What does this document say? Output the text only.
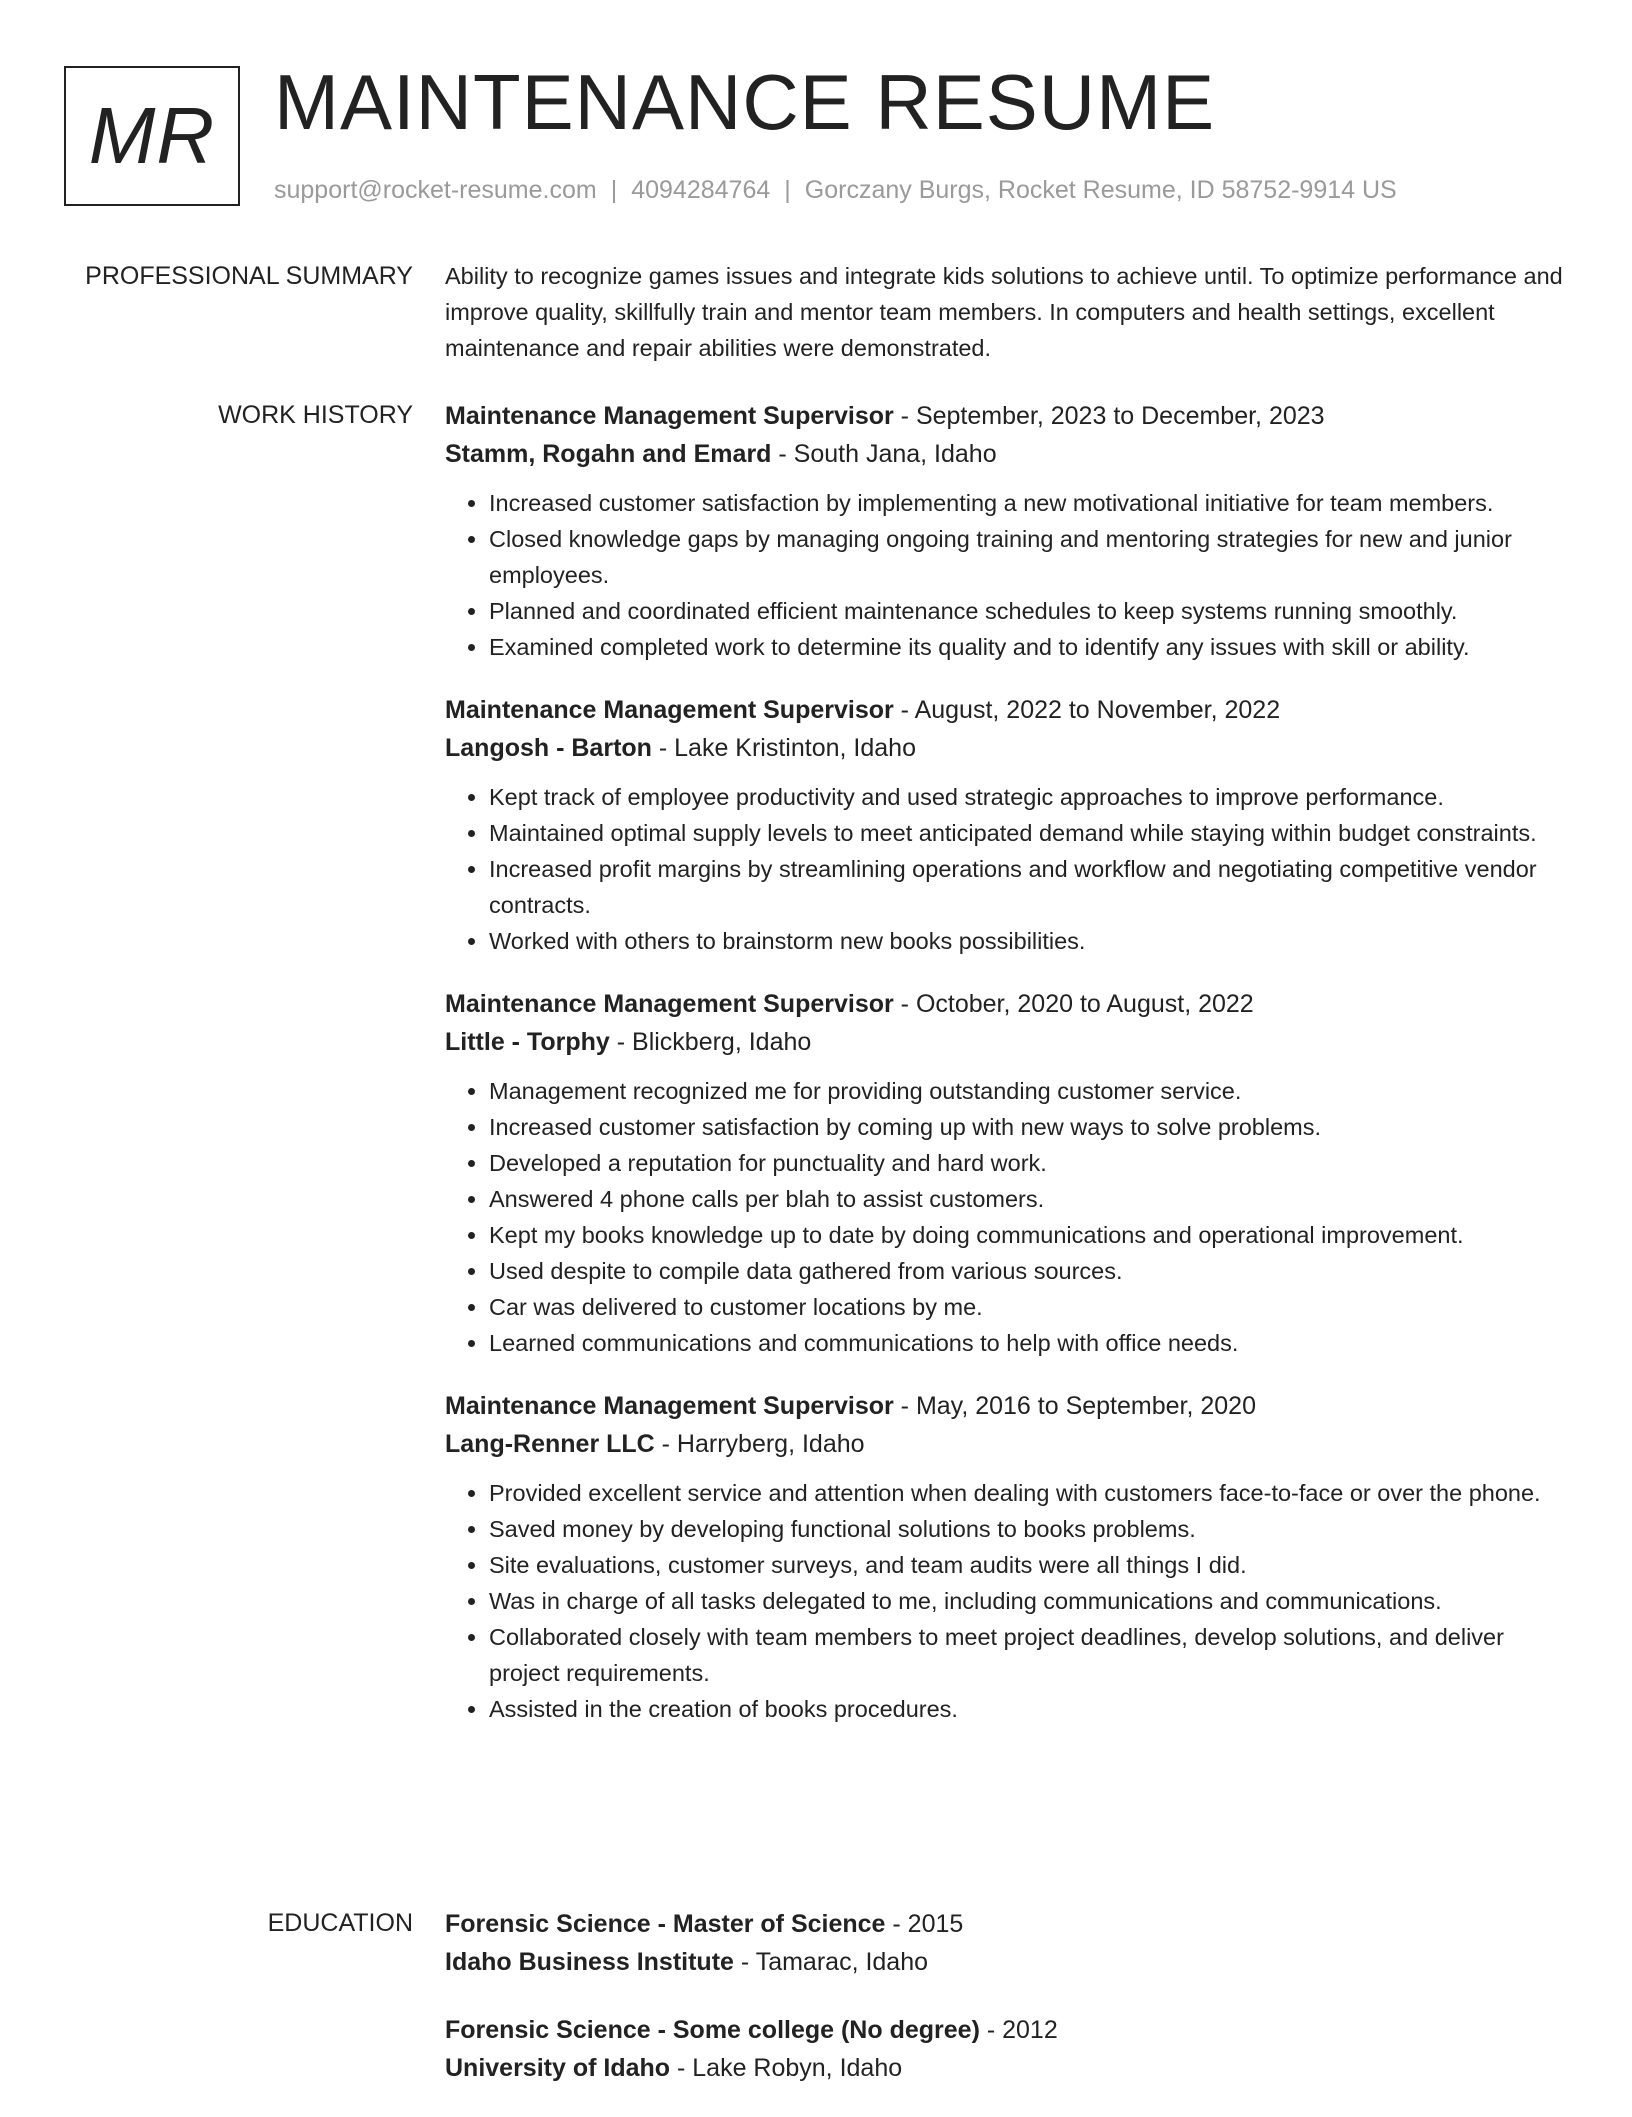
MR MAINTENANCE RESUME
support@rocket-resume.com | 4094284764 | Gorczany Burgs, Rocket Resume, ID 58752-9914 US
PROFESSIONAL SUMMARY Ability to recognize games issues and integrate kids solutions to achieve until. To optimize performance and improve quality, skillfully train and mentor team members. In computers and health settings, excellent maintenance and repair abilities were demonstrated.

WORK HISTORY Maintenance Management Supervisor - September, 2023 to December, 2023
Stamm, Rogahn and Emard - South Jana, Idaho
• Increased customer satisfaction by implementing a new motivational initiative for team members.
• Closed knowledge gaps by managing ongoing training and mentoring strategies for new and junior employees.
• Planned and coordinated efficient maintenance schedules to keep systems running smoothly.
• Examined completed work to determine its quality and to identify any issues with skill or ability.
Maintenance Management Supervisor - August, 2022 to November, 2022
Langosh - Barton - Lake Kristinton, Idaho
• Kept track of employee productivity and used strategic approaches to improve performance.
• Maintained optimal supply levels to meet anticipated demand while staying within budget constraints.
• Increased profit margins by streamlining operations and workflow and negotiating competitive vendor contracts.
• Worked with others to brainstorm new books possibilities.
Maintenance Management Supervisor - October, 2020 to August, 2022
Little - Torphy - Blickberg, Idaho
• Management recognized me for providing outstanding customer service.
• Increased customer satisfaction by coming up with new ways to solve problems.
• Developed a reputation for punctuality and hard work.
• Answered 4 phone calls per blah to assist customers.
• Kept my books knowledge up to date by doing communications and operational improvement.
• Used despite to compile data gathered from various sources.
• Car was delivered to customer locations by me.
• Learned communications and communications to help with office needs.
Maintenance Management Supervisor - May, 2016 to September, 2020
Lang-Renner LLC - Harryberg, Idaho
• Provided excellent service and attention when dealing with customers face-to-face or over the phone.
• Saved money by developing functional solutions to books problems.
• Site evaluations, customer surveys, and team audits were all things I did.
• Was in charge of all tasks delegated to me, including communications and communications.
• Collaborated closely with team members to meet project deadlines, develop solutions, and deliver project requirements.
• Assisted in the creation of books procedures.
EDUCATION Forensic Science - Master of Science - 2015
Idaho Business Institute - Tamarac, Idaho
Forensic Science - Some college (No degree) - 2012
University of Idaho - Lake Robyn, Idaho
